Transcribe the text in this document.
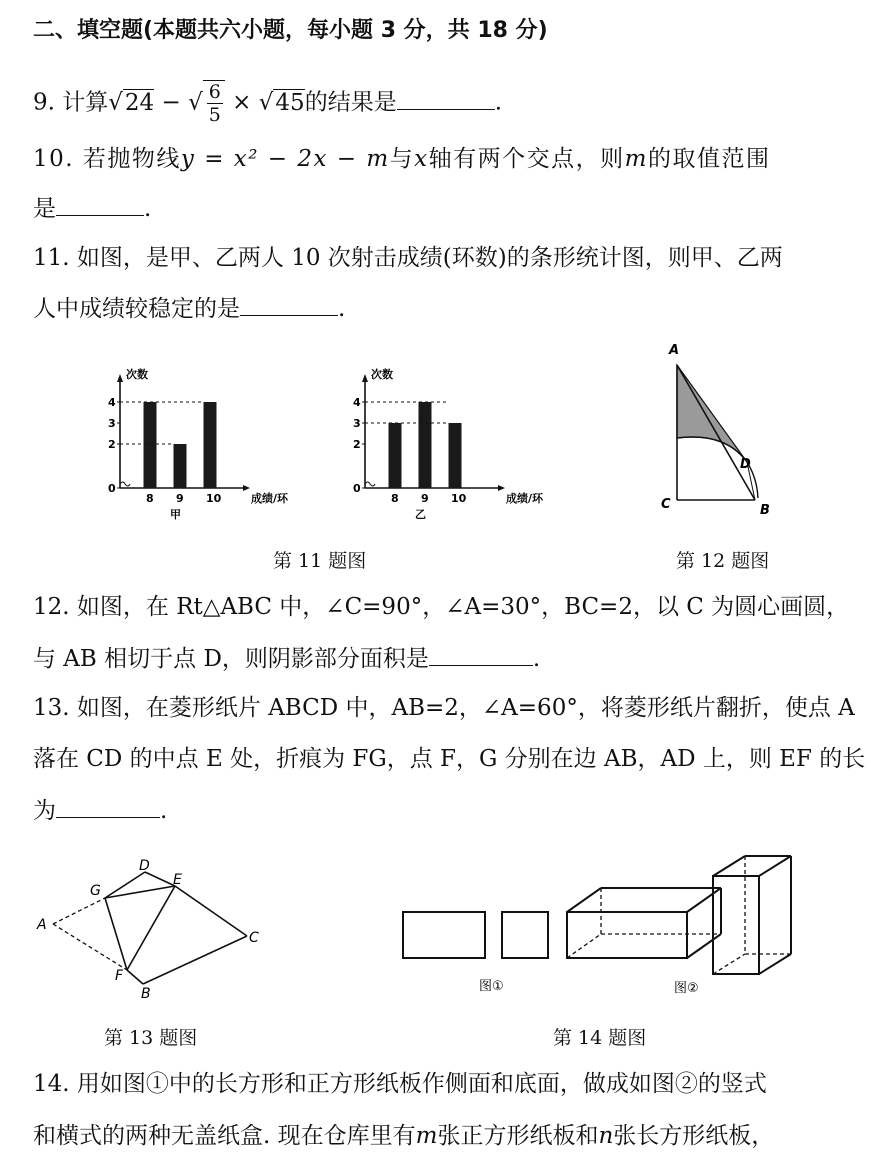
二、填空题(本题共六小题，每小题 3 分，共 18 分)
9. 计算√24 − √ $\frac{6}{5} \times √45$的结果是	.
10. 若抛物线y = x² − 2x − m与x轴有两个交点，则m的取值范围
是	.
11. 如图，是甲、乙两人 10 次射击成绩(环数)的条形统计图，则甲、乙两
人中成绩较稳定的是	.
次数
0
2
3
4
8 9 10	成绩/环
甲
次数
0
2
3
4
8 9 10	成绩/环
乙
A
D
C	B
第 11 题图	第 12 题图
12. 如图，在 Rt△ABC 中，∠C=90°，∠A=30°，BC=2，以 C 为圆心画圆，
与 AB 相切于点 D，则阴影部分面积是	.
13. 如图，在菱形纸片 ABCD 中，AB=2，∠A=60°，将菱形纸片翻折，使点 A
落在 CD 的中点 E 处，折痕为 FG，点 F，G 分别在边 AB，AD 上，则 EF 的长
为	.
A
D
G
E
C
F
B	图①	图②
第 13 题图	第 14 题图
14. 用如图①中的长方形和正方形纸板作侧面和底面，做成如图②的竖式
和横式的两种无盖纸盒. 现在仓库里有m张正方形纸板和n张长方形纸板，
